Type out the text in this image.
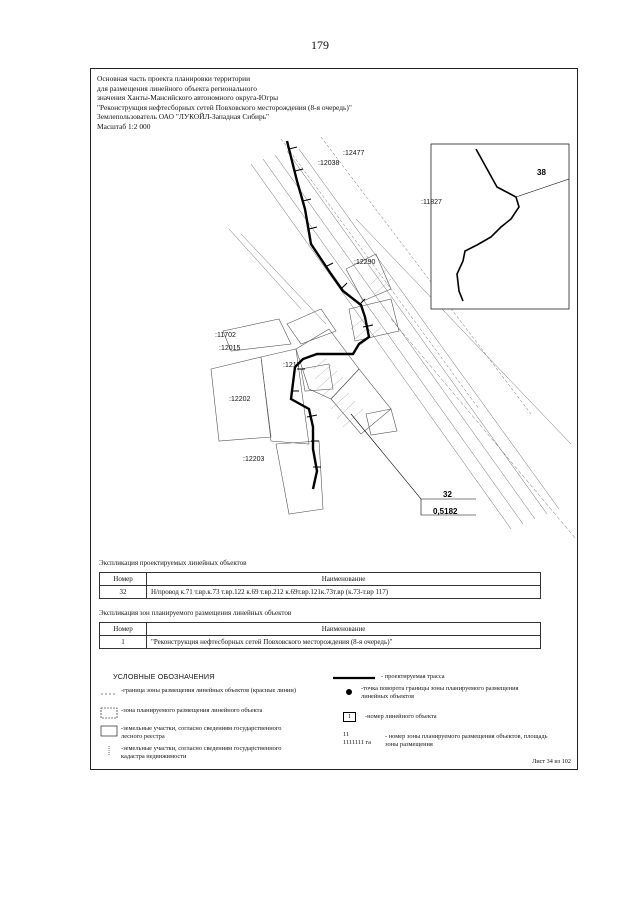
179
38
32
0,5182
:12477
:12038
:11827
:12290
:11702
:12015
:12202
:12203
:1217
Основная часть проекта планировки территории
для размещения линейного объекта регионального
значения Ханты-Мансийского автономного округа-Югры
"Реконструкция нефтесборных сетей Повховского месторождения (8-я очередь)"
Землепользователь ОАО "ЛУКОЙЛ-Западная Сибирь"
Масштаб 1:2 000
Экспликация проектируемых линейных объектов
Номер	Наименование
32	Н/провод к.71 т.вр.к.73 т.вр.122 к.69 т.вр.212 к.69т.вр.121к.73т.вр (к.73-т.вр 117)
Экспликация зон планируемого размещения линейных объектов
Номер	Наименование
1	"Реконструкция нефтесборных сетей Повховского месторождения (8-я очередь)"
УСЛОВНЫЕ ОБОЗНАЧЕНИЯ
-граница зоны размещения линейных объектов (красные линии)
-зона планируемого размещения линейного объекта
-земельные участки, согласно сведениям государственного лесного реестра
-земельные участки, согласно сведениям государственного кадастра недвижимости
- проектируемая трасса
-точка поворота границы зоны планируемого размещения линейных объектов
1	-номер линейного объекта
11
1111111 га
- номер зоны планируемого размещения объектов, площадь зоны размещения
Лист 34 из 102
